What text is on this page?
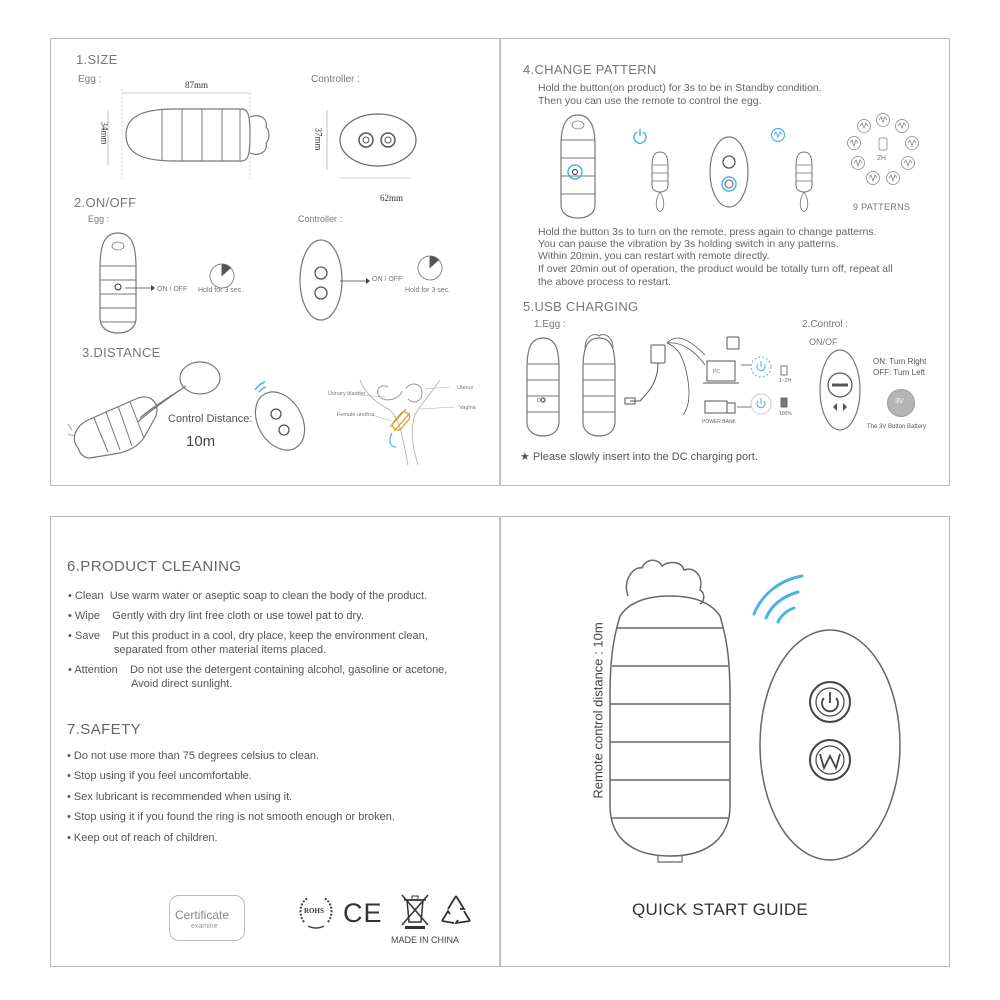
1.SIZE
Egg :	Controller :
87mm
34mm	37mm
62mm
2.ON/OFF
Egg :	Controller :
ON / OFF Hold for 3 sec.
ON / OFF
Hold for 3 sec.
3.DISTANCE
Control Distance:
10m
Urinary bladder
Female urethra
Uterus
Vagina
4.CHANGE PATTERN
Hold the button(on product) for 3s to be in Standby condition.
Then you can use the remote to control the egg.
2H
9 PATTERNS
Hold the button 3s to turn on the remote, press again to change patterns.
You can pause the vibration by 3s holding switch in any patterns.
Within 20min, you can restart with remote directly.
If over 20min out of operation, the product would be totally turn off, repeat all
the above process to restart.
5.USB CHARGING
1.Egg :	2.Control :
ON/OF
DC
PC
POWER BANK
1~2H
100%
ON: Turn Right
OFF: Turn Left
3V
The 3V Button Battery
★ Please slowly insert into the DC charging port.
6.PRODUCT CLEANING
• Clean Use warm water or aseptic soap to clean the body of the product.
• Wipe Gently with dry lint free cloth or use towel pat to dry.
• Save Put this product in a cool, dry place, keep the environment clean,
separated from other material items placed.
• Attention Do not use the detergent containing alcohol, gasoline or acetone,
Avoid direct sunlight.
7.SAFETY
• Do not use more than 75 degrees celsius to clean.
• Stop using if you feel uncomfortable.
• Sex lubricant is recommended when using it.
• Stop using it if you found the ring is not smooth enough or broken.
• Keep out of reach of children.
Certificate
examine
ROHS CE
MADE IN CHINA
Remote control distance : 10m
QUICK START GUIDE
